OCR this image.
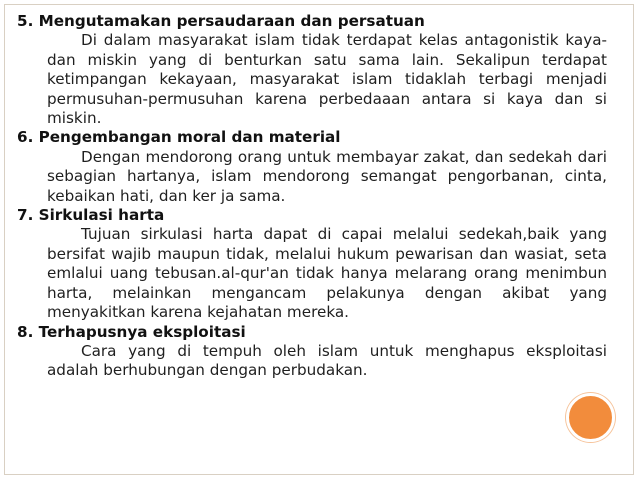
5. Mengutamakan persaudaraan dan persatuan

Di dalam masyarakat islam tidak terdapat kelas antagonistik kaya-dan miskin yang di benturkan satu sama lain. Sekalipun terdapat ketimpangan kekayaan, masyarakat islam tidaklah terbagi menjadi permusuhan-permusuhan karena perbedaaan antara si kaya dan si miskin.

6. Pengembangan moral dan material

Dengan mendorong orang untuk membayar zakat, dan sedekah dari sebagian hartanya, islam mendorong semangat pengorbanan, cinta, kebaikan hati, dan ker ja sama.

7. Sirkulasi harta

Tujuan sirkulasi harta dapat di capai melalui sedekah,baik yang bersifat wajib maupun tidak, melalui hukum pewarisan dan wasiat, seta emlalui uang tebusan.al-qur'an tidak hanya melarang orang menimbun harta, melainkan mengancam pelakunya dengan akibat yang menyakitkan karena kejahatan mereka.

8. Terhapusnya eksploitasi

Cara yang di tempuh oleh islam untuk menghapus eksploitasi adalah berhubungan dengan perbudakan.
